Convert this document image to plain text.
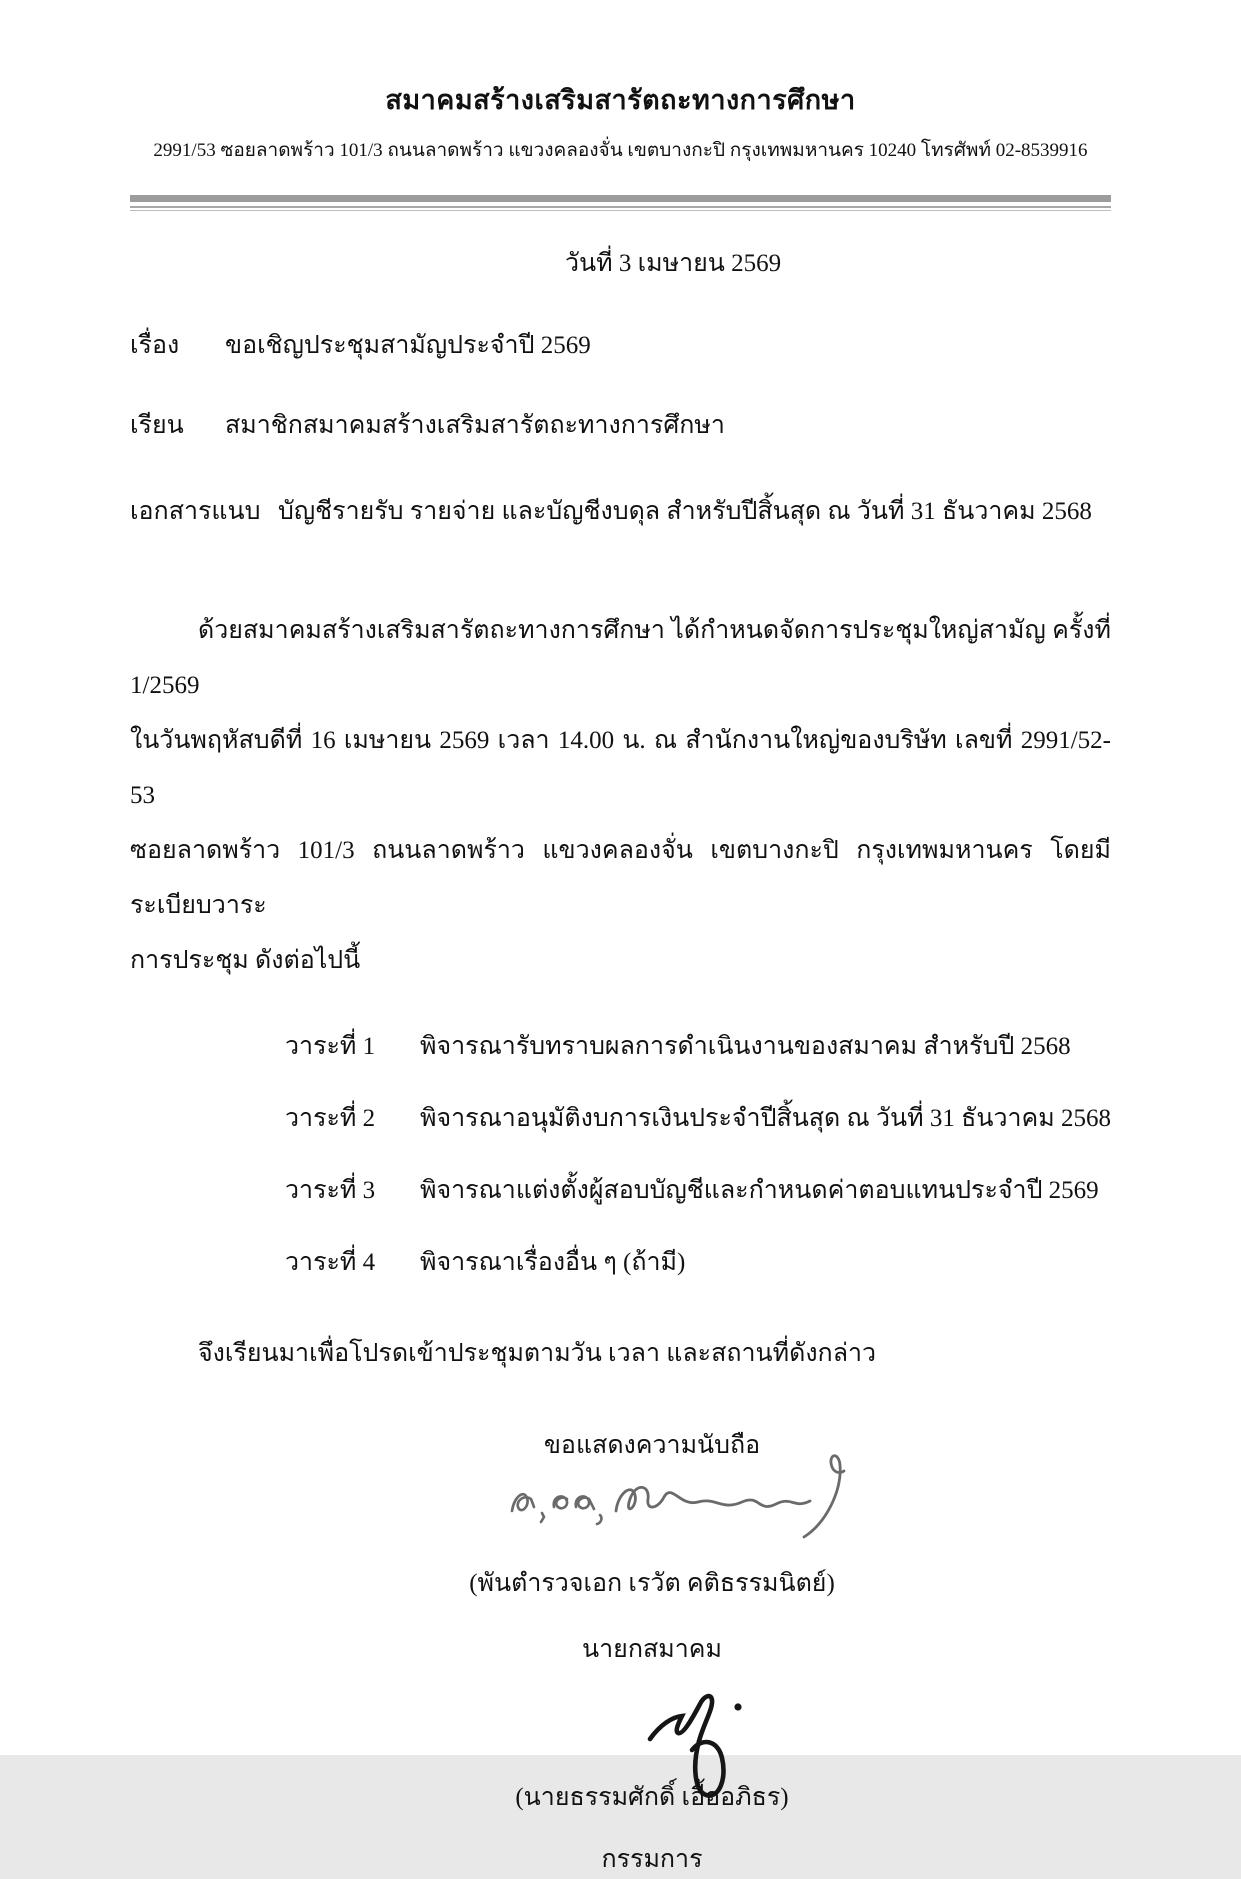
สมาคมสร้างเสริมสารัตถะทางการศึกษา
2991/53 ซอยลาดพร้าว 101/3 ถนนลาดพร้าว แขวงคลองจั่น เขตบางกะปิ กรุงเทพมหานคร 10240 โทรศัพท์ 02-8539916
วันที่ 3 เมษายน 2569
เรื่อง	ขอเชิญประชุมสามัญประจำปี 2569
เรียน	สมาชิกสมาคมสร้างเสริมสารัตถะทางการศึกษา
เอกสารแนบ บัญชีรายรับ รายจ่าย และบัญชีงบดุล สำหรับปีสิ้นสุด ณ วันที่ 31 ธันวาคม 2568
ด้วยสมาคมสร้างเสริมสารัตถะทางการศึกษา ได้กำหนดจัดการประชุมใหญ่สามัญ ครั้งที่ 1/2569
ในวันพฤหัสบดีที่ 16 เมษายน 2569 เวลา 14.00 น. ณ สำนักงานใหญ่ของบริษัท เลขที่ 2991/52-53
ซอยลาดพร้าว 101/3 ถนนลาดพร้าว แขวงคลองจั่น เขตบางกะปิ กรุงเทพมหานคร โดยมีระเบียบวาระ
การประชุม ดังต่อไปนี้
วาระที่ 1	พิจารณารับทราบผลการดำเนินงานของสมาคม สำหรับปี 2568
วาระที่ 2	พิจารณาอนุมัติงบการเงินประจำปีสิ้นสุด ณ วันที่ 31 ธันวาคม 2568
วาระที่ 3	พิจารณาแต่งตั้งผู้สอบบัญชีและกำหนดค่าตอบแทนประจำปี 2569
วาระที่ 4	พิจารณาเรื่องอื่น ๆ (ถ้ามี)
จึงเรียนมาเพื่อโปรดเข้าประชุมตามวัน เวลา และสถานที่ดังกล่าว
ขอแสดงความนับถือ
(พันตำรวจเอก เรวัต คติธรรมนิตย์)
นายกสมาคม
(นายธรรมศักดิ์ เอื้ออภิธร)
กรรมการ
